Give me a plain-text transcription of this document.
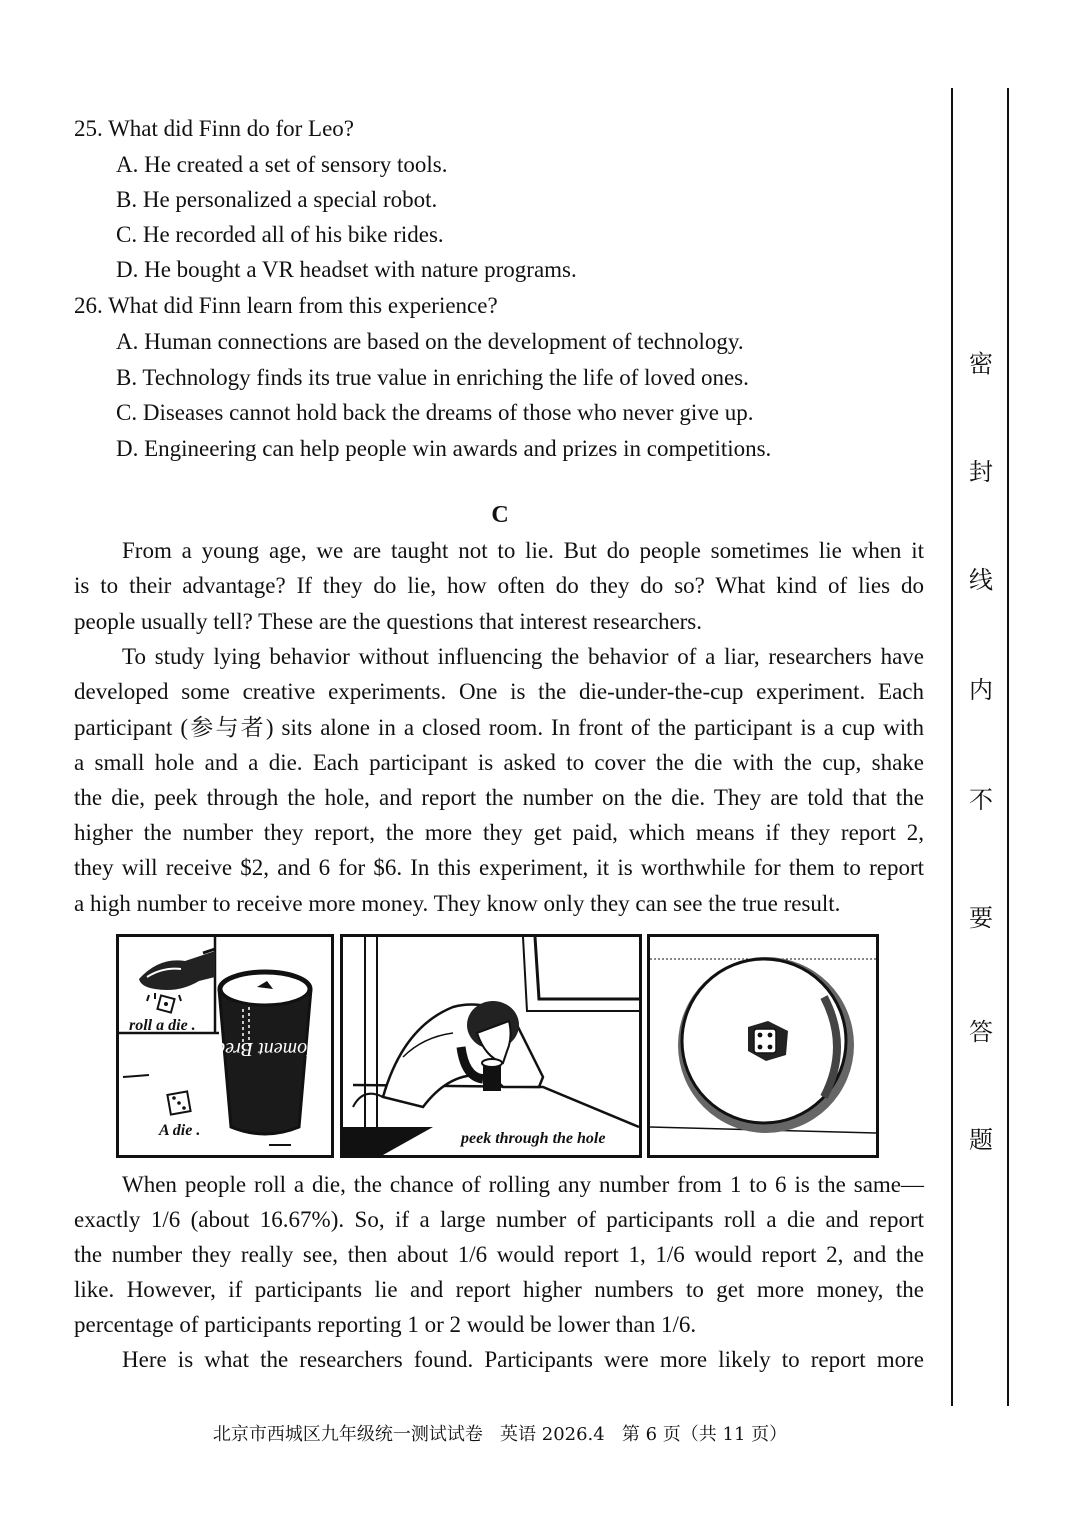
25. What did Finn do for Leo?
A. He created a set of sensory tools.
B. He personalized a special robot.
C. He recorded all of his bike rides.
D. He bought a VR headset with nature programs.
26. What did Finn learn from this experience?
A. Human connections are based on the development of technology.
B. Technology finds its true value in enriching the life of loved ones.
C. Diseases cannot hold back the dreams of those who never give up.
D. Engineering can help people win awards and prizes in competitions.
C
From a young age, we are taught not to lie. But do people sometimes lie when it
is to their advantage? If they do lie, how often do they do so? What kind of lies do
people usually tell? These are the questions that interest researchers.
To study lying behavior without influencing the behavior of a liar, researchers have
developed some creative experiments. One is the die-under-the-cup experiment. Each
participant (参与者) sits alone in a closed room. In front of the participant is a cup with
a small hole and a die. Each participant is asked to cover the die with the cup, shake
the die, peek through the hole, and report the number on the die. They are told that the
higher the number they report, the more they get paid, which means if they report 2,
they will receive $2, and 6 for $6. In this experiment, it is worthwhile for them to report
a high number to receive more money. They know only they can see the true result.
Moment Break
roll a die .
A die .	peek through the hole
When people roll a die, the chance of rolling any number from 1 to 6 is the same—
exactly 1/6 (about 16.67%). So, if a large number of participants roll a die and report
the number they really see, then about 1/6 would report 1, 1/6 would report 2, and the
like. However, if participants lie and report higher numbers to get more money, the
percentage of participants reporting 1 or 2 would be lower than 1/6.
Here is what the researchers found. Participants were more likely to report more
密
封
线
内
不
要
答
题
北京市西城区九年级统一测试试卷   英语 2026.4   第 6 页（共 11 页）
